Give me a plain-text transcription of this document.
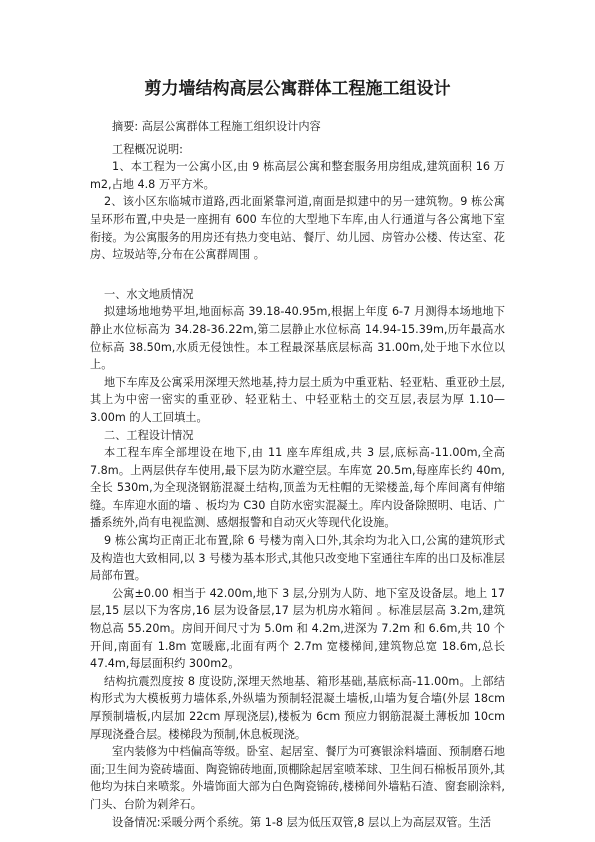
剪力墙结构高层公寓群体工程施工组设计

摘要: 高层公寓群体工程施工组织设计内容

工程概况说明:

1、本工程为一公寓小区,由 9 栋高层公寓和整套服务用房组成,建筑面积 16 万 m2,占地 4.8 万平方米。

2、该小区东临城市道路,西北面紧靠河道,南面是拟建中的另一建筑物。9 栋公寓呈环形布置,中央是一座拥有 600 车位的大型地下车库,由人行通道与各公寓地下室衔接。为公寓服务的用房还有热力变电站、餐厅、幼儿园、房管办公楼、传达室、花房、垃圾站等,分布在公寓群周围 。

一、水文地质情况

拟建场地地势平坦,地面标高 39.18-40.95m,根据上年度 6-7 月测得本场地地下静止水位标高为 34.28-36.22m,第二层静止水位标高 14.94-15.39m,历年最高水位标高 38.50m,水质无侵蚀性。本工程最深基底层标高 31.00m,处于地下水位以上。

地下车库及公寓采用深埋天然地基,持力层土质为中重亚粘、轻亚粘、重亚砂土层,其上为中密一密实的重亚砂、轻亚粘土、中轻亚粘土的交互层,表层为厚 1.10—3.00m 的人工回填土。

二、工程设计情况

本工程车库全部埋设在地下,由 11 座车库组成,共 3 层,底标高-11.00m,全高 7.8m。上两层供存车使用,最下层为防水避空层。车库宽 20.5m,每座库长约 40m,全长 530m,为全现浇钢筋混凝土结构,顶盖为无柱帽的无梁楼盖,每个库间离有伸缩缝。车库迎水面的墙 、板均为 C30 自防水密实混凝土。库内设备除照明、电话、广播系统外,尚有电视监测、感烟报警和自动灭火等现代化设施。

9 栋公寓均正南正北布置,除 6 号楼为南入口外,其余均为北入口,公寓的建筑形式及构造也大致相同,以 3 号楼为基本形式,其他只改变地下室通往车库的出口及标准层局部布置。

公寓±0.00 相当于 42.00m,地下 3 层,分别为人防、地下室及设备层。地上 17 层,15 层以下为客房,16 层为设备层,17 层为机房水箱间 。标准层层高 3.2m,建筑物总高 55.20m。房间开间尺寸为 5.0m 和 4.2m,进深为 7.2m 和 6.6m,共 10 个开间,南面有 1.8m 宽暖廊,北面有两个 2.7m 宽楼梯间,建筑物总宽 18.6m,总长 47.4m,每层面积约 300m2。

结构抗震烈度按 8 度设防,深埋天然地基、箱形基础,基底标高-11.00m。上部结构形式为大模板剪力墙体系,外纵墙为预制轻混凝土墙板,山墙为复合墙(外层 18cm 厚预制墙板,内层加 22cm 厚现浇层),楼板为 6cm 预应力钢筋混凝土薄板加 10cm 厚现浇叠合层。楼梯段为预制,休息板现浇。

室内装修为中档偏高等级。卧室、起居室、餐厅为可赛银涂料墙面、预制磨石地面;卫生间为瓷砖墙面、陶瓷锦砖地面,顶棚除起居室喷苯球、卫生间石棉板吊顶外,其他均为抹白来喷浆。外墙饰面大部为白色陶瓷锦砖,楼梯间外墙粘石渣、窗套刷涂料,门头、台阶为剁斧石。

设备情况:采暖分两个系统。第 1-8 层为低压双管,8 层以上为高层双管。生活
